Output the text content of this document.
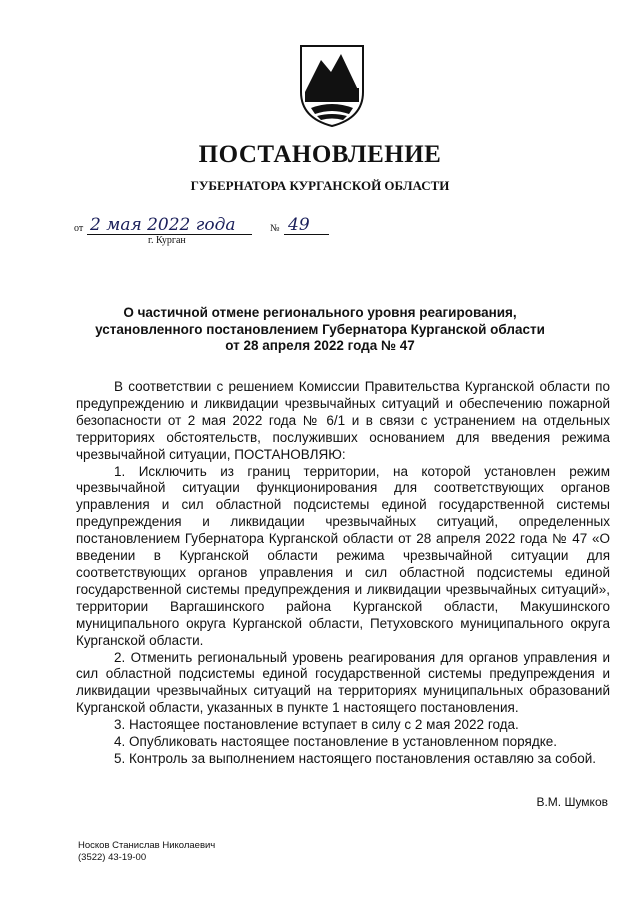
ПОСТАНОВЛЕНИЕ
ГУБЕРНАТОРА КУРГАНСКОЙ ОБЛАСТИ
от 2 мая 2022 года	№ 49
г. Курган
О частичной отмене регионального уровня реагирования,
установленного постановлением Губернатора Курганской области
от 28 апреля 2022 года № 47

В соответствии с решением Комиссии Правительства Курганской области по предупреждению и ликвидации чрезвычайных ситуаций и обеспечению пожарной безопасности от 2 мая 2022 года № 6/1 и в связи с устранением на отдельных территориях обстоятельств, послуживших основанием для введения режима чрезвычайной ситуации, ПОСТАНОВЛЯЮ:

1. Исключить из границ территории, на которой установлен режим чрезвычайной ситуации функционирования для соответствующих органов управления и сил областной подсистемы единой государственной системы предупреждения и ликвидации чрезвычайных ситуаций, определенных постановлением Губернатора Курганской области от 28 апреля 2022 года № 47 «О введении в Курганской области режима чрезвычайной ситуации для соответствующих органов управления и сил областной подсистемы единой государственной системы предупреждения и ликвидации чрезвычайных ситуаций», территории Варгашинского района Курганской области, Макушинского муниципального округа Курганской области, Петуховского муниципального округа Курганской области.

2. Отменить региональный уровень реагирования для органов управления и сил областной подсистемы единой государственной системы предупреждения и ликвидации чрезвычайных ситуаций на территориях муниципальных образований Курганской области, указанных в пункте 1 настоящего постановления.

3. Настоящее постановление вступает в силу с 2 мая 2022 года.

4. Опубликовать настоящее постановление в установленном порядке.

5. Контроль за выполнением настоящего постановления оставляю за собой.

В.М. Шумков
Носков Станислав Николаевич
(3522) 43-19-00
